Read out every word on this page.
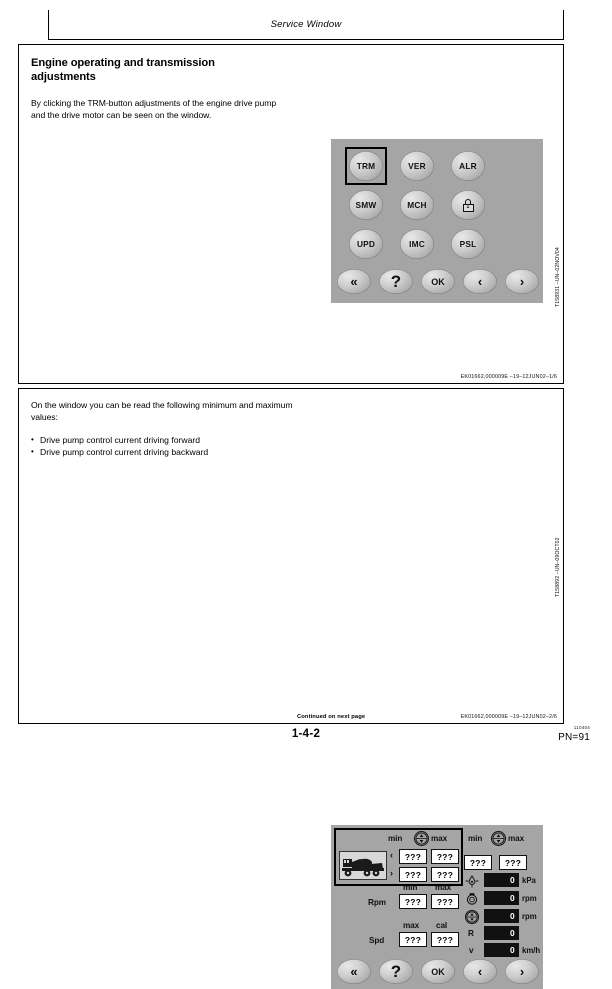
Service Window
Engine operating and transmission adjustments
By clicking the TRM-button adjustments of the engine drive pump and the drive motor can be seen on the window.
TRM	VER	ALR
SMW	MCH	1
UPD	IMC	PSL
« ?	OK	‹	›	T158931 –UN–02NOV04
EK01662,000009E –19–12JUN02–1/6
On the window you can be read the following minimum and maximum values:
• Drive pump control current driving forward
• Drive pump control current driving backward
min	max
‹
›
???	???
???	???
min	max
???	???
min max
Rpm	???	???
max cal
Spd	???	???
0 kPa
0 rpm
0 rpm
R	0
v	0 km/h
« ?	OK	‹	›
T158892 –UN–09OCT02
Continued on next page	EK01662,000009E –19–12JUN02–2/6
1-4-2
110404
PN=91
